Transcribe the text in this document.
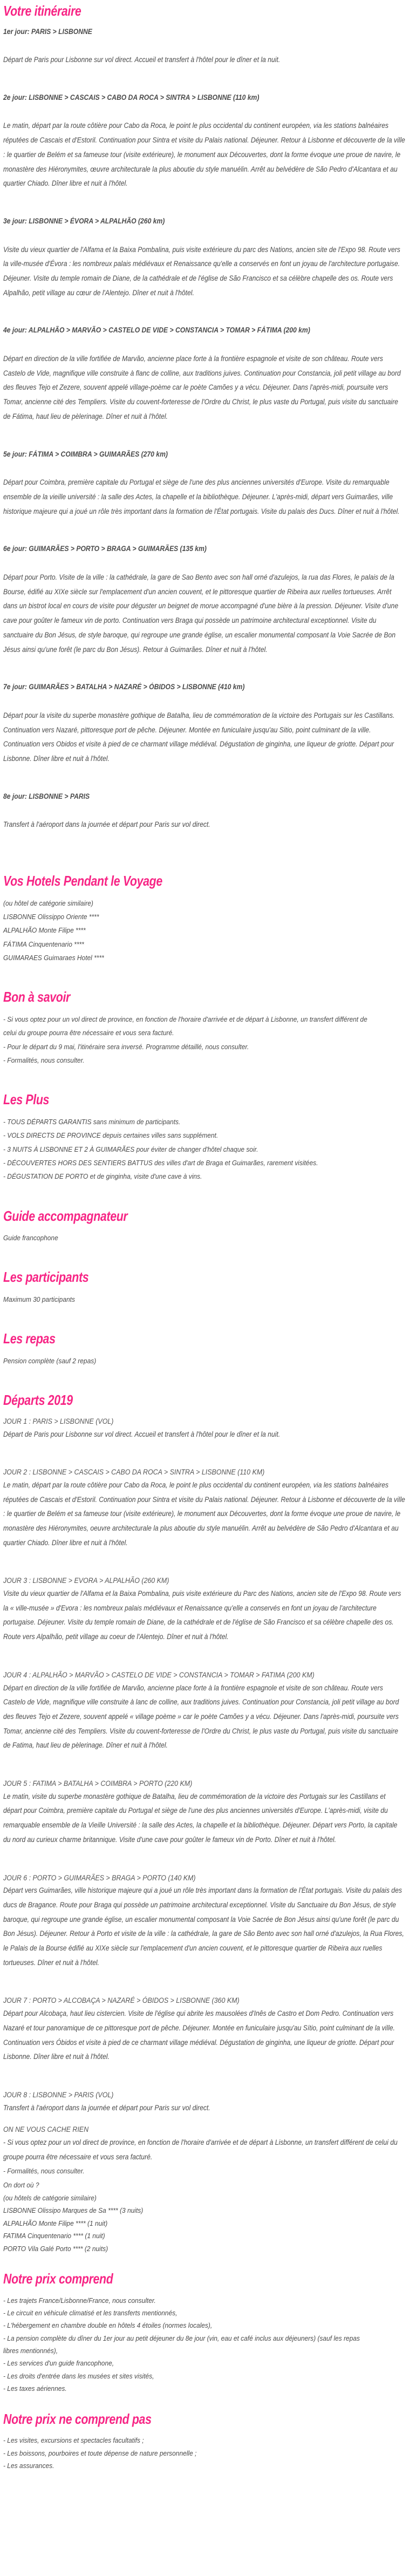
Votre itinéraire

1er jour: PARIS > LISBONNE

Départ de Paris pour Lisbonne sur vol direct. Accueil et transfert à l'hôtel pour le dîner et la nuit.

2e jour: LISBONNE > CASCAIS > CABO DA ROCA > SINTRA > LISBONNE (110 km)

Le matin, départ par la route côtière pour Cabo da Roca, le point le plus occidental du continent européen, via les stations balnéaires réputées de Cascais et d'Estoril. Continuation pour Sintra et visite du Palais national. Déjeuner. Retour à Lisbonne et découverte de la ville : le quartier de Belém et sa fameuse tour (visite extérieure), le monument aux Découvertes, dont la forme évoque une proue de navire, le monastère des Hiéronymites, œuvre architecturale la plus aboutie du style manuélin. Arrêt au belvédère de São Pedro d'Alcantara et au quartier Chiado. Dîner libre et nuit à l'hôtel.

3e jour: LISBONNE > ÉVORA > ALPALHÃO (260 km)

Visite du vieux quartier de l'Alfama et la Baixa Pombalina, puis visite extérieure du parc des Nations, ancien site de l'Expo 98. Route vers la ville-musée d'Évora : les nombreux palais médiévaux et Renaissance qu'elle a conservés en font un joyau de l'architecture portugaise. Déjeuner. Visite du temple romain de Diane, de la cathédrale et de l'église de São Francisco et sa célèbre chapelle des os. Route vers Alpalhão, petit village au cœur de l'Alentejo. Dîner et nuit à l'hôtel.

4e jour: ALPALHÃO > MARVÃO > CASTELO DE VIDE > CONSTANCIA > TOMAR > FÁTIMA (200 km)

Départ en direction de la ville fortifiée de Marvão, ancienne place forte à la frontière espagnole et visite de son château. Route vers Castelo de Vide, magnifique ville construite à flanc de colline, aux traditions juives. Continuation pour Constancia, joli petit village au bord des fleuves Tejo et Zezere, souvent appelé village-poème car le poète Camões y a vécu. Déjeuner. Dans l'après-midi, poursuite vers Tomar, ancienne cité des Templiers. Visite du couvent-forteresse de l'Ordre du Christ, le plus vaste du Portugal, puis visite du sanctuaire de Fátima, haut lieu de pèlerinage. Dîner et nuit à l'hôtel.

5e jour: FÁTIMA > COIMBRA > GUIMARÃES (270 km)

Départ pour Coimbra, première capitale du Portugal et siège de l'une des plus anciennes universités d'Europe. Visite du remarquable ensemble de la vieille université : la salle des Actes, la chapelle et la bibliothèque. Déjeuner. L'après-midi, départ vers Guimarães, ville historique majeure qui a joué un rôle très important dans la formation de l'État portugais. Visite du palais des Ducs. Dîner et nuit à l'hôtel.

6e jour: GUIMARÃES > PORTO > BRAGA > GUIMARÃES (135 km)

Départ pour Porto. Visite de la ville : la cathédrale, la gare de Sao Bento avec son hall orné d'azulejos, la rua das Flores, le palais de la Bourse, édifié au XIXe siècle sur l'emplacement d'un ancien couvent, et le pittoresque quartier de Ribeira aux ruelles tortueuses. Arrêt dans un bistrot local en cours de visite pour déguster un beignet de morue accompagné d'une bière à la pression. Déjeuner. Visite d'une cave pour goûter le fameux vin de porto. Continuation vers Braga qui possède un patrimoine architectural exceptionnel. Visite du sanctuaire du Bon Jésus, de style baroque, qui regroupe une grande église, un escalier monumental composant la Voie Sacrée de Bon Jésus ainsi qu'une forêt (le parc du Bon Jésus). Retour à Guimarães. Dîner et nuit à l'hôtel.

7e jour: GUIMARÃES > BATALHA > NAZARÉ > ÓBIDOS > LISBONNE (410 km)

Départ pour la visite du superbe monastère gothique de Batalha, lieu de commémoration de la victoire des Portugais sur les Castillans. Continuation vers Nazaré, pittoresque port de pêche. Déjeuner. Montée en funiculaire jusqu'au Sitio, point culminant de la ville. Continuation vers Obidos et visite à pied de ce charmant village médiéval. Dégustation de ginginha, une liqueur de griotte. Départ pour Lisbonne. Dîner libre et nuit à l'hôtel.

8e jour: LISBONNE > PARIS

Transfert à l'aéroport dans la journée et départ pour Paris sur vol direct.

Vos Hotels Pendant le Voyage

(ou hôtel de catégorie similaire)

LISBONNE Olissippo Oriente ****
ALPALHÃO Monte Filipe ****
FÁTIMA Cinquentenario ****
GUIMARAES Guimaraes Hotel ****
Bon à savoir
- Si vous optez pour un vol direct de province, en fonction de l'horaire d'arrivée et de départ à Lisbonne, un transfert différent de celui du groupe pourra être nécessaire et vous sera facturé.
- Pour le départ du 9 mai, l'itinéraire sera inversé. Programme détaillé, nous consulter.
- Formalités, nous consulter.
Les Plus
- TOUS DÉPARTS GARANTIS sans minimum de participants.
- VOLS DIRECTS DE PROVINCE depuis certaines villes sans supplément.
- 3 NUITS À LISBONNE ET 2 À GUIMARÃES pour éviter de changer d'hôtel chaque soir.
- DÉCOUVERTES HORS DES SENTIERS BATTUS des villes d'art de Braga et Guimarães, rarement visitées.
- DÉGUSTATION DE PORTO et de ginginha, visite d'une cave à vins.
Guide accompagnateur

Guide francophone

Les participants

Maximum 30 participants

Les repas

Pension complète (sauf 2 repas)

Départs 2019

JOUR 1 : PARIS > LISBONNE (VOL)

Départ de Paris pour Lisbonne sur vol direct. Accueil et transfert à l'hôtel pour le dîner et la nuit.

JOUR 2 : LISBONNE > CASCAIS > CABO DA ROCA > SINTRA > LISBONNE (110 KM)

Le matin, départ par la route côtière pour Cabo da Roca, le point le plus occidental du continent européen, via les stations balnéaires réputées de Cascais et d'Estoril. Continuation pour Sintra et visite du Palais national. Déjeuner. Retour à Lisbonne et découverte de la ville : le quartier de Belém et sa fameuse tour (visite extérieure), le monument aux Découvertes, dont la forme évoque une proue de navire, le monastère des Hiéronymites, oeuvre architecturale la plus aboutie du style manuélin. Arrêt au belvédère de São Pedro d'Alcantara et au quartier Chiado. Dîner libre et nuit à l'hôtel.

JOUR 3 : LISBONNE > EVORA > ALPALHÃO (260 KM)

Visite du vieux quartier de l'Alfama et la Baixa Pombalina, puis visite extérieure du Parc des Nations, ancien site de l'Expo 98. Route vers la « ville-musée » d'Evora : les nombreux palais médiévaux et Renaissance qu'elle a conservés en font un joyau de l'architecture portugaise. Déjeuner. Visite du temple romain de Diane, de la cathédrale et de l'église de São Francisco et sa célèbre chapelle des os. Route vers Alpalhão, petit village au coeur de l'Alentejo. Dîner et nuit à l'hôtel.

JOUR 4 : ALPALHÃO > MARVÃO > CASTELO DE VIDE > CONSTANCIA > TOMAR > FATIMA (200 KM)

Départ en direction de la ville fortifiée de Marvão, ancienne place forte à la frontière espagnole et visite de son château. Route vers Castelo de Vide, magnifique ville construite à lanc de colline, aux traditions juives. Continuation pour Constancia, joli petit village au bord des fleuves Tejo et Zezere, souvent appelé « village poème » car le poète Camões y a vécu. Déjeuner. Dans l'après-midi, poursuite vers Tomar, ancienne cité des Templiers. Visite du couvent-forteresse de l'Ordre du Christ, le plus vaste du Portugal, puis visite du sanctuaire de Fatima, haut lieu de pèlerinage. Dîner et nuit à l'hôtel.

JOUR 5 : FATIMA > BATALHA > COIMBRA > PORTO (220 KM)

Le matin, visite du superbe monastère gothique de Batalha, lieu de commémoration de la victoire des Portugais sur les Castillans et départ pour Coimbra, première capitale du Portugal et siège de l'une des plus anciennes universités d'Europe. L'après-midi, visite du remarquable ensemble de la Vieille Université : la salle des Actes, la chapelle et la bibliothèque. Déjeuner. Départ vers Porto, la capitale du nord au curieux charme britannique. Visite d'une cave pour goûter le fameux vin de Porto. Dîner et nuit à l'hôtel.

JOUR 6 : PORTO > GUIMARÃES > BRAGA > PORTO (140 KM)

Départ vers Guimarães, ville historique majeure qui a joué un rôle très important dans la formation de l'État portugais. Visite du palais des ducs de Bragance. Route pour Braga qui possède un patrimoine architectural exceptionnel. Visite du Sanctuaire du Bon Jésus, de style baroque, qui regroupe une grande église, un escalier monumental composant la Voie Sacrée de Bon Jésus ainsi qu'une forêt (le parc du Bon Jésus). Déjeuner. Retour à Porto et visite de la ville : la cathédrale, la gare de São Bento avec son hall orné d'azulejos, la Rua Flores, le Palais de la Bourse édifié au XIXe siècle sur l'emplacement d'un ancien couvent, et le pittoresque quartier de Ribeira aux ruelles tortueuses. Dîner et nuit à l'hôtel.

JOUR 7 : PORTO > ALCOBAÇA > NAZARÉ > ÓBIDOS > LISBONNE (360 KM)

Départ pour Alcobaça, haut lieu cistercien. Visite de l'église qui abrite les mausolées d'Inês de Castro et Dom Pedro. Continuation vers Nazaré et tour panoramique de ce pittoresque port de pêche. Déjeuner. Montée en funiculaire jusqu'au Sítio, point culminant de la ville. Continuation vers Óbidos et visite à pied de ce charmant village médiéval. Dégustation de ginginha, une liqueur de griotte. Départ pour Lisbonne. Dîner libre et nuit à l'hôtel.

JOUR 8 : LISBONNE > PARIS (VOL)

Transfert à l'aéroport dans la journée et départ pour Paris sur vol direct.

ON NE VOUS CACHE RIEN

- Si vous optez pour un vol direct de province, en fonction de l'horaire d'arrivée et de départ à Lisbonne, un transfert différent de celui du groupe pourra être nécessaire et vous sera facturé.

- Formalités, nous consulter.

On dort où ?

(ou hôtels de catégorie similaire)
LISBONNE Olissipo Marques de Sa **** (3 nuits)
ALPALHÃO Monte Filipe **** (1 nuit)
FATIMA Cinquentenario **** (1 nuit)
PORTO Vila Galé Porto **** (2 nuits)
Notre prix comprend
- Les trajets France/Lisbonne/France, nous consulter.
- Le circuit en véhicule climatisé et les transferts mentionnés,
- L'hébergement en chambre double en hôtels 4 étoiles (normes locales),
- La pension complète du dîner du 1er jour au petit déjeuner du 8e jour (vin, eau et café inclus aux déjeuners) (sauf les repas libres mentionnés),
- Les services d'un guide francophone,
- Les droits d'entrée dans les musées et sites visités,
- Les taxes aériennes.
Notre prix ne comprend pas
- Les visites, excursions et spectacles facultatifs ;
- Les boissons, pourboires et toute dépense de nature personnelle ;
- Les assurances.
